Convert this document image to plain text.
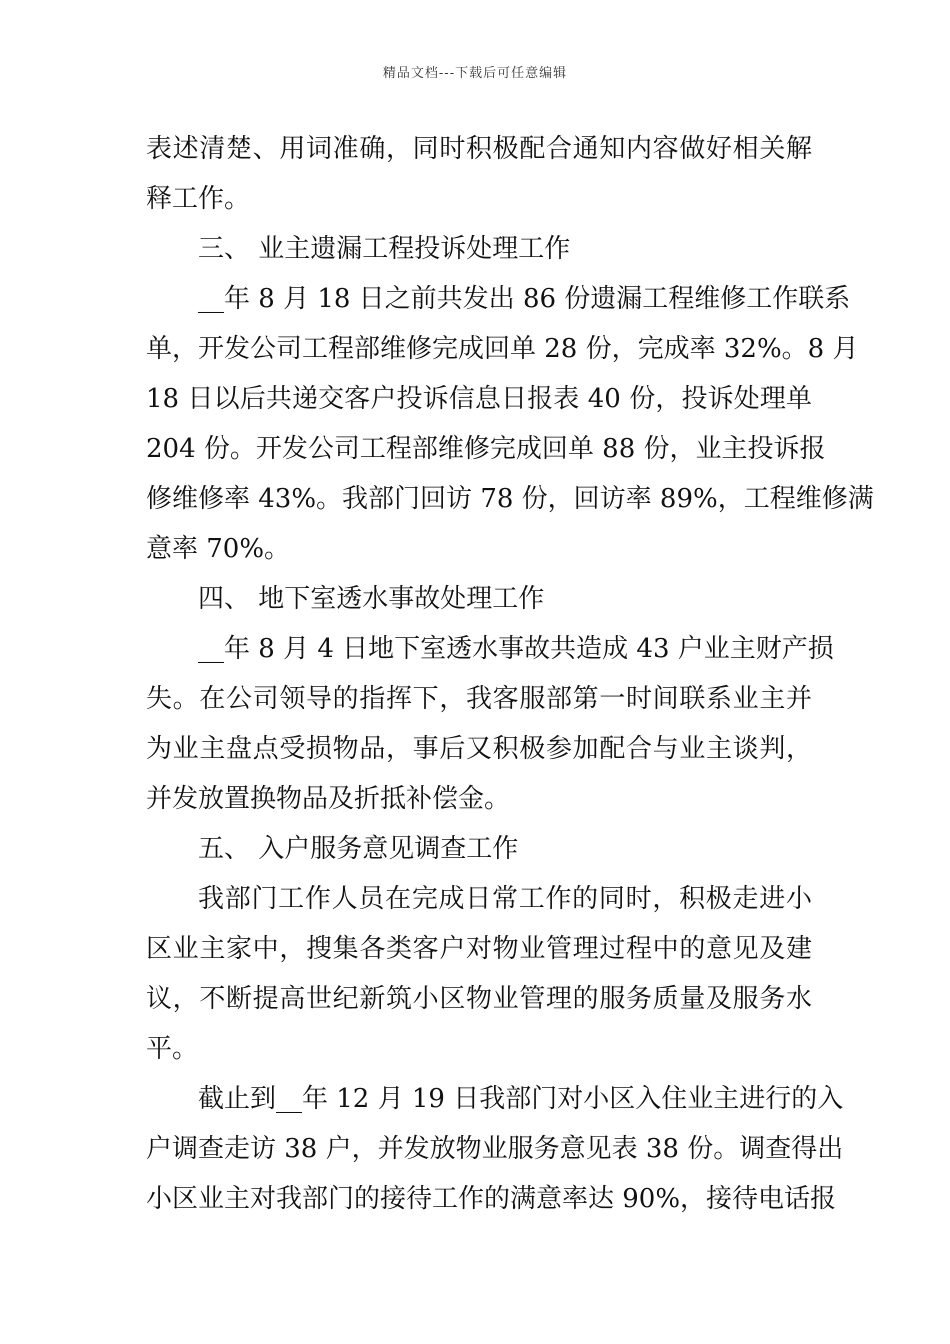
精品文档---下载后可任意编辑
表述清楚、用词准确，同时积极配合通知内容做好相关解
释工作。
三、 业主遗漏工程投诉处理工作
__年 8 月 18 日之前共发出 86 份遗漏工程维修工作联系
单，开发公司工程部维修完成回单 28 份，完成率 32%。8 月
18 日以后共递交客户投诉信息日报表 40 份，投诉处理单
204 份。开发公司工程部维修完成回单 88 份，业主投诉报
修维修率 43%。我部门回访 78 份，回访率 89%，工程维修满
意率 70%。
四、 地下室透水事故处理工作
__年 8 月 4 日地下室透水事故共造成 43 户业主财产损
失。在公司领导的指挥下，我客服部第一时间联系业主并
为业主盘点受损物品，事后又积极参加配合与业主谈判，
并发放置换物品及折抵补偿金。
五、 入户服务意见调查工作
我部门工作人员在完成日常工作的同时，积极走进小
区业主家中，搜集各类客户对物业管理过程中的意见及建
议，不断提高世纪新筑小区物业管理的服务质量及服务水
平。
截止到__年 12 月 19 日我部门对小区入住业主进行的入
户调查走访 38 户，并发放物业服务意见表 38 份。调查得出
小区业主对我部门的接待工作的满意率达 90%，接待电话报
